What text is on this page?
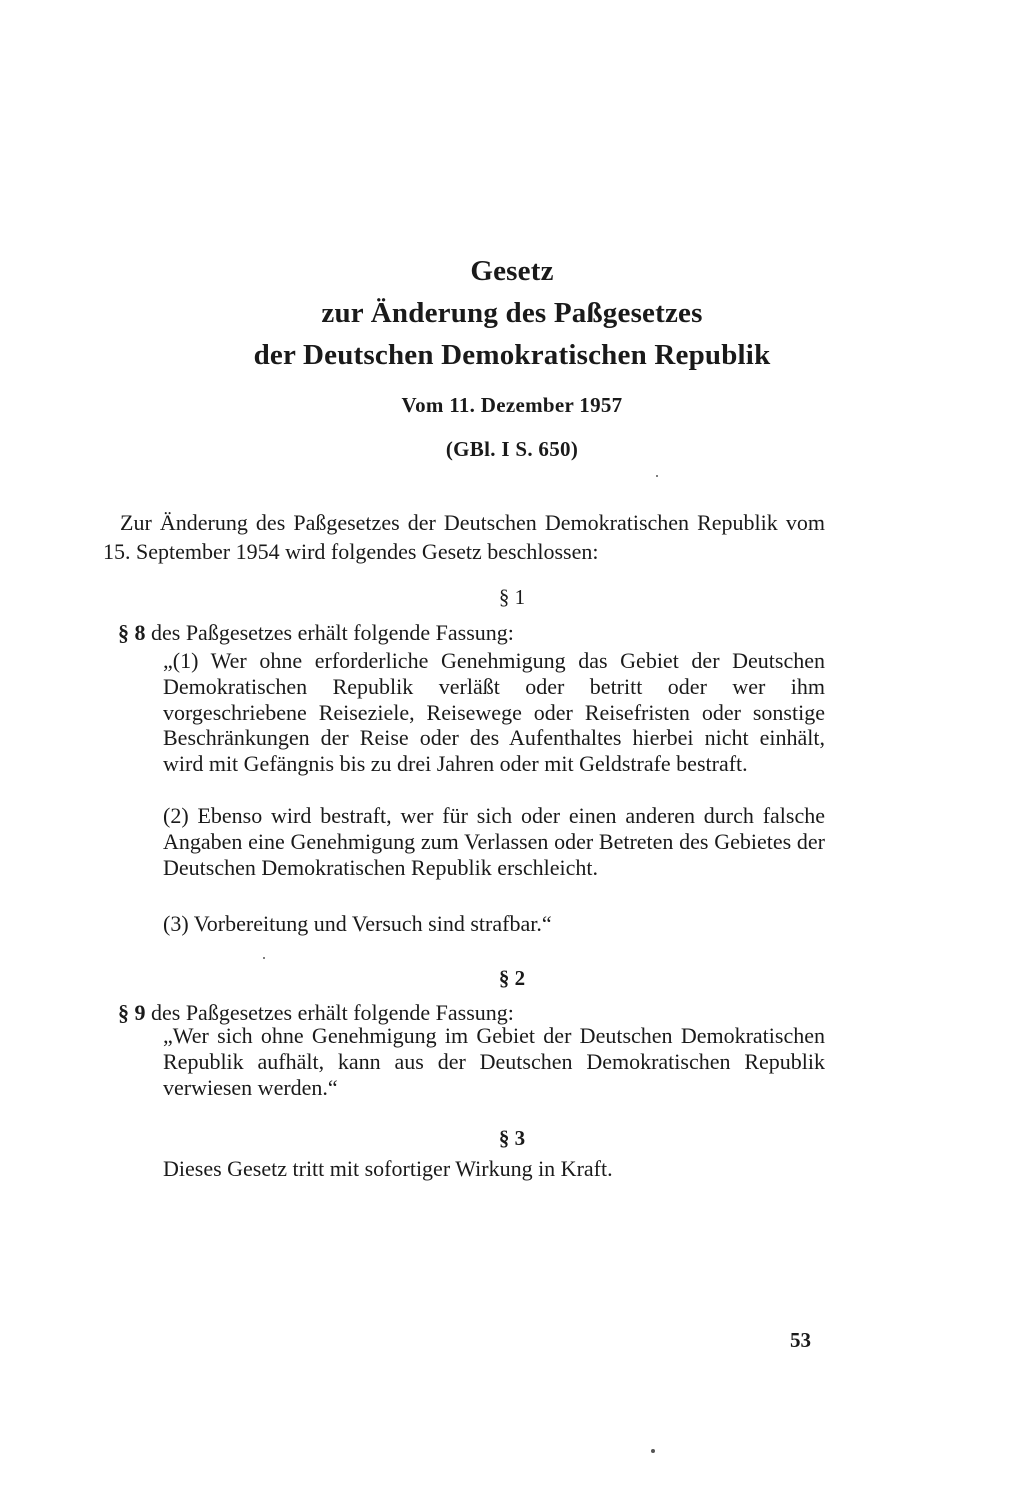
Gesetz
zur Änderung des Paßgesetzes
der Deutschen Demokratischen Republik
Vom 11. Dezember 1957
(GBl. I S. 650)
Zur Änderung des Paßgesetzes der Deutschen Demokratischen Republik vom 15. September 1954 wird folgendes Gesetz beschlossen:
§ 1
§ 8 des Paßgesetzes erhält folgende Fassung:
„(1) Wer ohne erforderliche Genehmigung das Gebiet der Deutschen Demokratischen Republik verläßt oder betritt oder wer ihm vorgeschriebene Reiseziele, Reisewege oder Reisefristen oder sonstige Beschränkungen der Reise oder des Aufenthaltes hierbei nicht einhält, wird mit Gefängnis bis zu drei Jahren oder mit Geldstrafe bestraft.
(2) Ebenso wird bestraft, wer für sich oder einen anderen durch falsche Angaben eine Genehmigung zum Verlassen oder Betreten des Gebietes der Deutschen Demokratischen Republik erschleicht.
(3) Vorbereitung und Versuch sind strafbar.“
§ 2
§ 9 des Paßgesetzes erhält folgende Fassung:
„Wer sich ohne Genehmigung im Gebiet der Deutschen Demokratischen Republik aufhält, kann aus der Deutschen Demokratischen Republik verwiesen werden.“
§ 3
Dieses Gesetz tritt mit sofortiger Wirkung in Kraft.
53
